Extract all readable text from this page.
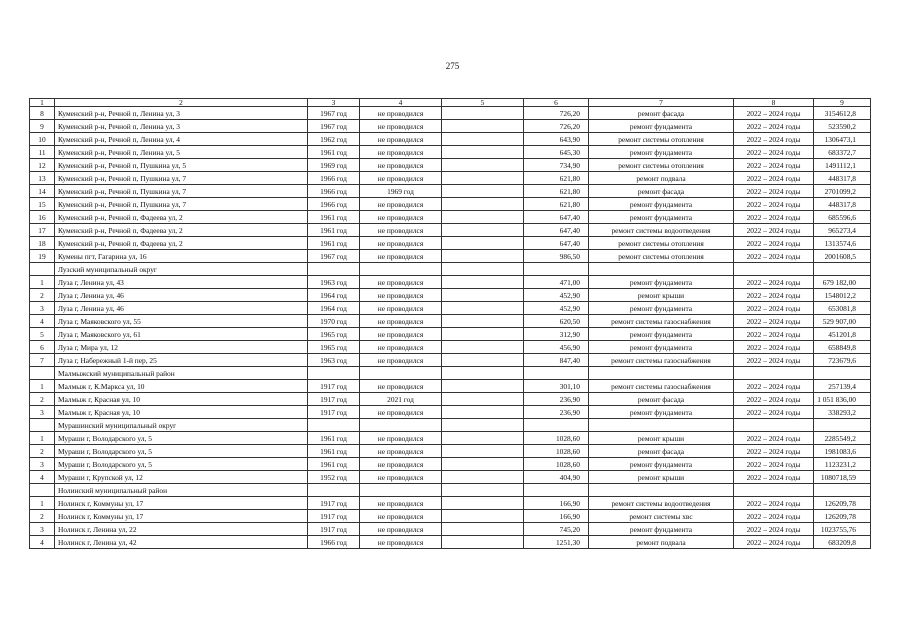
275
1	2	3	4	5	6	7	8	9
8	Куменский р-н, Речной п, Ленина ул, 3	1967 год	не проводился		726,20	ремонт фасада	2022 – 2024 годы	3154612,8
9	Куменский р-н, Речной п, Ленина ул, 3	1967 год	не проводился		726,20	ремонт фундамента	2022 – 2024 годы	523590,2
10	Куменский р-н, Речной п, Ленина ул, 4	1962 год	не проводился		643,90	ремонт системы отопления	2022 – 2024 годы	1306473,1
11	Куменский р-н, Речной п, Ленина ул, 5	1961 год	не проводился		645,30	ремонт фундамента	2022 – 2024 годы	683372,7
12	Куменский р-н, Речной п, Пушкина ул, 5	1969 год	не проводился		734,90	ремонт системы отопления	2022 – 2024 годы	1491112,1
13	Куменский р-н, Речной п, Пушкина ул, 7	1966 год	не проводился		621,80	ремонт подвала	2022 – 2024 годы	448317,8
14	Куменский р-н, Речной п, Пушкина ул, 7	1966 год	1969 год		621,80	ремонт фасада	2022 – 2024 годы	2701099,2
15	Куменский р-н, Речной п, Пушкина ул, 7	1966 год	не проводился		621,80	ремонт фундамента	2022 – 2024 годы	448317,8
16	Куменский р-н, Речной п, Фадеева ул, 2	1961 год	не проводился		647,40	ремонт фундамента	2022 – 2024 годы	685596,6
17	Куменский р-н, Речной п, Фадеева ул, 2	1961 год	не проводился		647,40	ремонт системы водоотведения	2022 – 2024 годы	965273,4
18	Куменский р-н, Речной п, Фадеева ул, 2	1961 год	не проводился		647,40	ремонт системы отопления	2022 – 2024 годы	1313574,6
19	Кумены пгт, Гагарина ул, 16	1967 год	не проводился		986,50	ремонт системы отопления	2022 – 2024 годы	2001608,5
	Лузский муниципальный округ							
1	Луза г, Ленина ул, 43	1963 год	не проводился		471,00	ремонт фундамента	2022 – 2024 годы	679 182,00
2	Луза г, Ленина ул, 46	1964 год	не проводился		452,90	ремонт крыши	2022 – 2024 годы	1548012,2
3	Луза г, Ленина ул, 46	1964 год	не проводился		452,90	ремонт фундамента	2022 – 2024 годы	653081,8
4	Луза г, Маяковского ул, 55	1970 год	не проводился		620,50	ремонт системы газоснабжения	2022 – 2024 годы	529 907,00
5	Луза г, Маяковского ул, 61	1965 год	не проводился		312,90	ремонт фундамента	2022 – 2024 годы	451201,8
6	Луза г, Мира ул, 12	1965 год	не проводился		456,90	ремонт фундамента	2022 – 2024 годы	658849,8
7	Луза г, Набережный 1-й пер, 25	1963 год	не проводился		847,40	ремонт системы газоснабжения	2022 – 2024 годы	723679,6
	Малмыжский муниципальный район							
1	Малмыж г, К.Маркса ул, 10	1917 год	не проводился		301,10	ремонт системы газоснабжения	2022 – 2024 годы	257139,4
2	Малмыж г, Красная ул, 10	1917 год	2021 год		236,90	ремонт фасада	2022 – 2024 годы	1 051 836,00
3	Малмыж г, Красная ул, 10	1917 год	не проводился		236,90	ремонт фундамента	2022 – 2024 годы	338293,2
	Мурашинский муниципальный округ							
1	Мураши г, Володарского ул, 5	1961 год	не проводился		1028,60	ремонт крыши	2022 – 2024 годы	2285549,2
2	Мураши г, Володарского ул, 5	1961 год	не проводился		1028,60	ремонт фасада	2022 – 2024 годы	1981083,6
3	Мураши г, Володарского ул, 5	1961 год	не проводился		1028,60	ремонт фундамента	2022 – 2024 годы	1123231,2
4	Мураши г, Крупской ул, 12	1952 год	не проводился		404,90	ремонт крыши	2022 – 2024 годы	1080718,59
	Нолинский муниципальный район							
1	Нолинск г, Коммуны ул, 17	1917 год	не проводился		166,90	ремонт системы водоотведения	2022 – 2024 годы	126209,78
2	Нолинск г, Коммуны ул, 17	1917 год	не проводился		166,90	ремонт системы хвс	2022 – 2024 годы	126209,78
3	Нолинск г, Ленина ул, 22	1917 год	не проводился		745,20	ремонт фундамента	2022 – 2024 годы	1023755,76
4	Нолинск г, Ленина ул, 42	1966 год	не проводился		1251,30	ремонт подвала	2022 – 2024 годы	683209,8
